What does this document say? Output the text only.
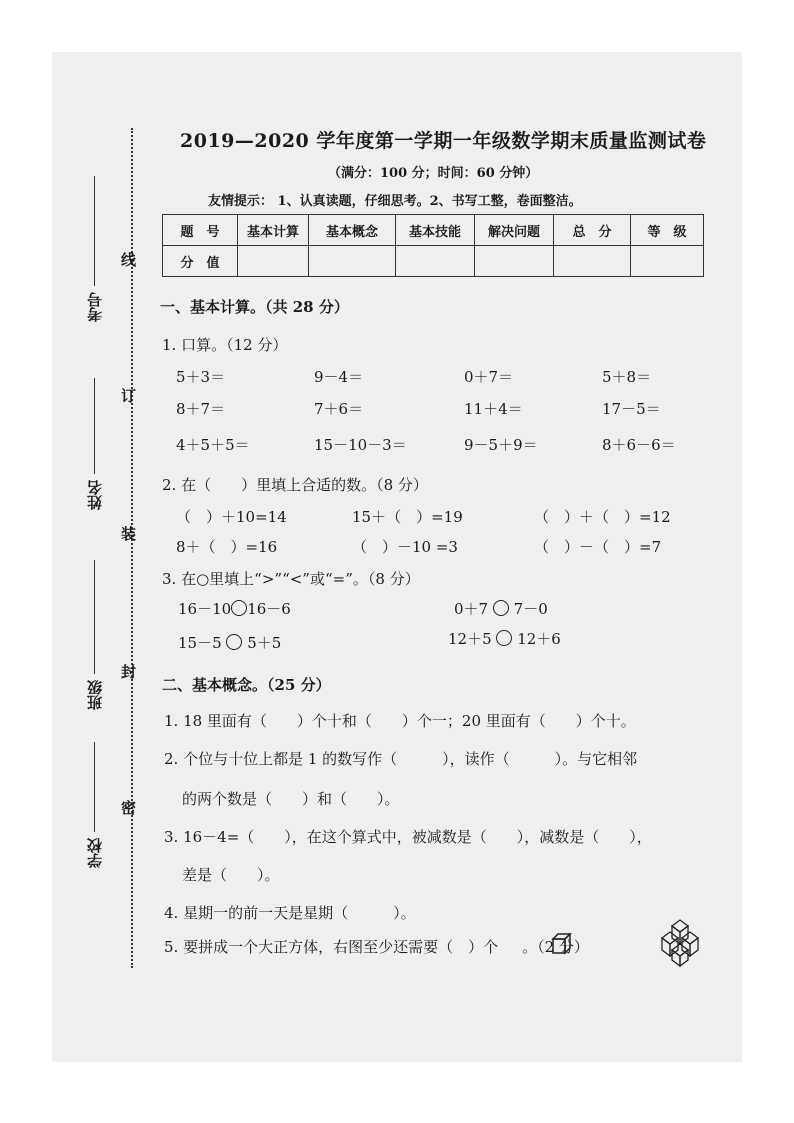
线
订
装
封
密
考号
姓名
班级
学校
2019—2020 学年度第一学期一年级数学期末质量监测试卷
（满分：100 分；时间：60 分钟）
友情提示： 1、认真读题，仔细思考。2、书写工整，卷面整洁。
题　号	基本计算	基本概念	基本技能	解决问题	总　分	等　级
分　值						
一、基本计算。（共 28 分）
1. 口算。（12 分）
5＋3＝	9－4＝	0＋7＝	5＋8＝
8＋7＝	7＋6＝	11＋4＝	17－5＝
4＋5＋5＝	15－10－3＝	9－5＋9＝	8＋6－6＝
2. 在（　　）里填上合适的数。（8 分）
（　）＋10=14	15＋（　）=19	（　）＋（　）=12
8＋（　）=16	（　）－10 =3	（　）－（　）=7
3. 在○里填上“>”“<”或“=”。（8 分）
16－10 16－6	0＋7 7－0
15－5 5＋5	12＋5 12＋6
二、基本概念。（25 分）
1. 18 里面有（　　）个十和（　　）个一；20 里面有（　　）个十。
2. 个位与十位上都是 1 的数写作（　　　），读作（　　　）。与它相邻
的两个数是（　　）和（　　）。
3. 16－4=（　　），在这个算式中，被减数是（　　），减数是（　　），
差是（　　）。
4. 星期一的前一天是星期（　　　）。
5. 要拼成一个大正方体，右图至少还需要（　）个 。（2 分）
